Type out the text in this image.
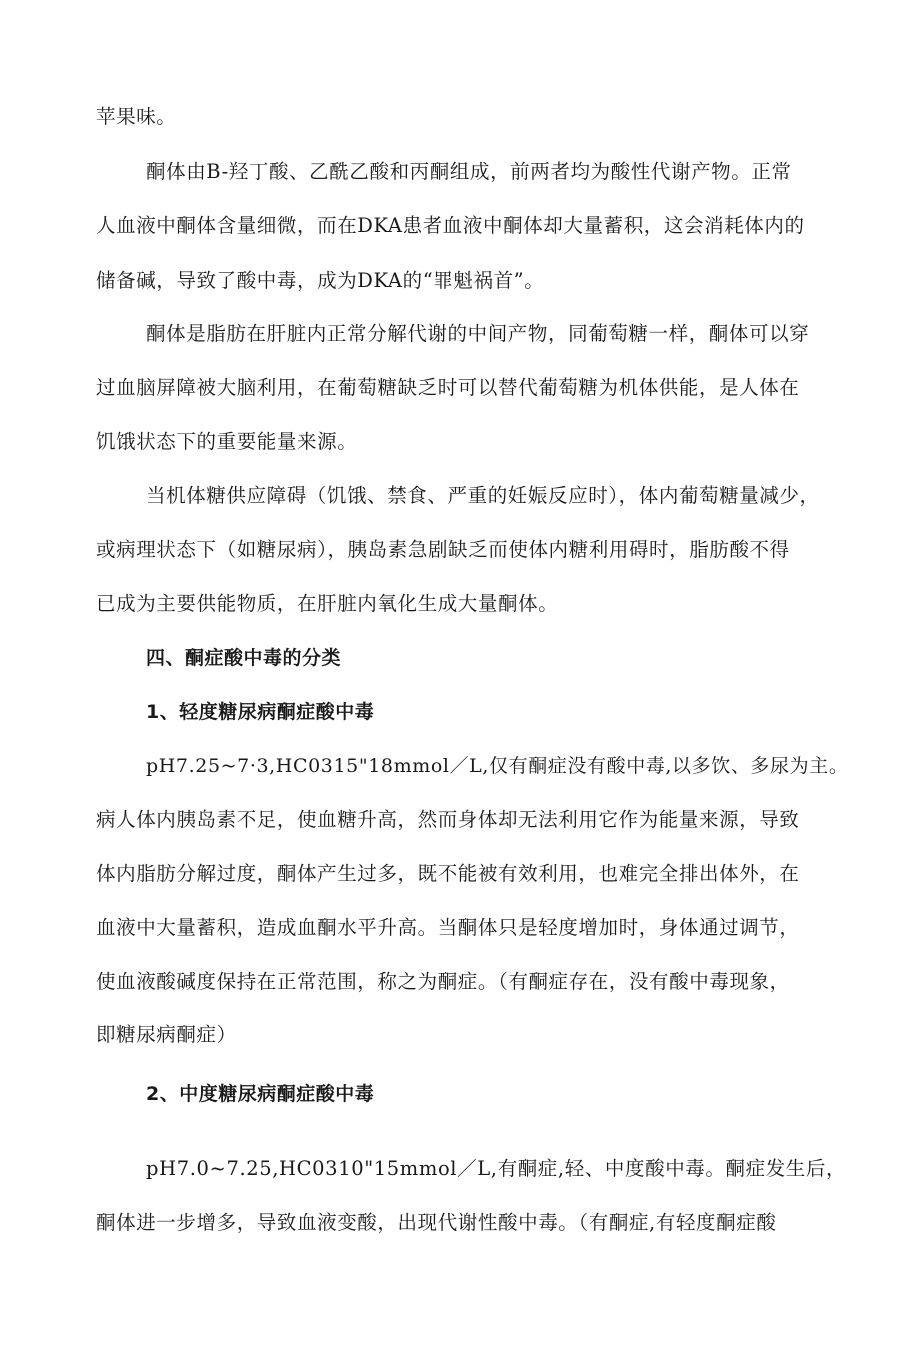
苹果味。
酮体由B-羟丁酸、乙酰乙酸和丙酮组成，前两者均为酸性代谢产物。正常
人血液中酮体含量细微，而在DKA患者血液中酮体却大量蓄积，这会消耗体内的
储备碱，导致了酸中毒，成为DKA的“罪魁祸首”。
酮体是脂肪在肝脏内正常分解代谢的中间产物，同葡萄糖一样，酮体可以穿
过血脑屏障被大脑利用，在葡萄糖缺乏时可以替代葡萄糖为机体供能，是人体在
饥饿状态下的重要能量来源。
当机体糖供应障碍（饥饿、禁食、严重的妊娠反应时），体内葡萄糖量减少，
或病理状态下（如糖尿病），胰岛素急剧缺乏而使体内糖利用碍时，脂肪酸不得
已成为主要供能物质，在肝脏内氧化生成大量酮体。
四、酮症酸中毒的分类
1、轻度糖尿病酮症酸中毒
pH7.25~7·3,HC0315"18mmol／L,仅有酮症没有酸中毒,以多饮、多尿为主。
病人体内胰岛素不足，使血糖升高，然而身体却无法利用它作为能量来源，导致
体内脂肪分解过度，酮体产生过多，既不能被有效利用，也难完全排出体外，在
血液中大量蓄积，造成血酮水平升高。当酮体只是轻度增加时，身体通过调节，
使血液酸碱度保持在正常范围，称之为酮症。（有酮症存在，没有酸中毒现象，
即糖尿病酮症）
2、中度糖尿病酮症酸中毒
pH7.0~7.25,HC0310"15mmol／L,有酮症,轻、中度酸中毒。酮症发生后，
酮体进一步增多，导致血液变酸，出现代谢性酸中毒。（有酮症,有轻度酮症酸
